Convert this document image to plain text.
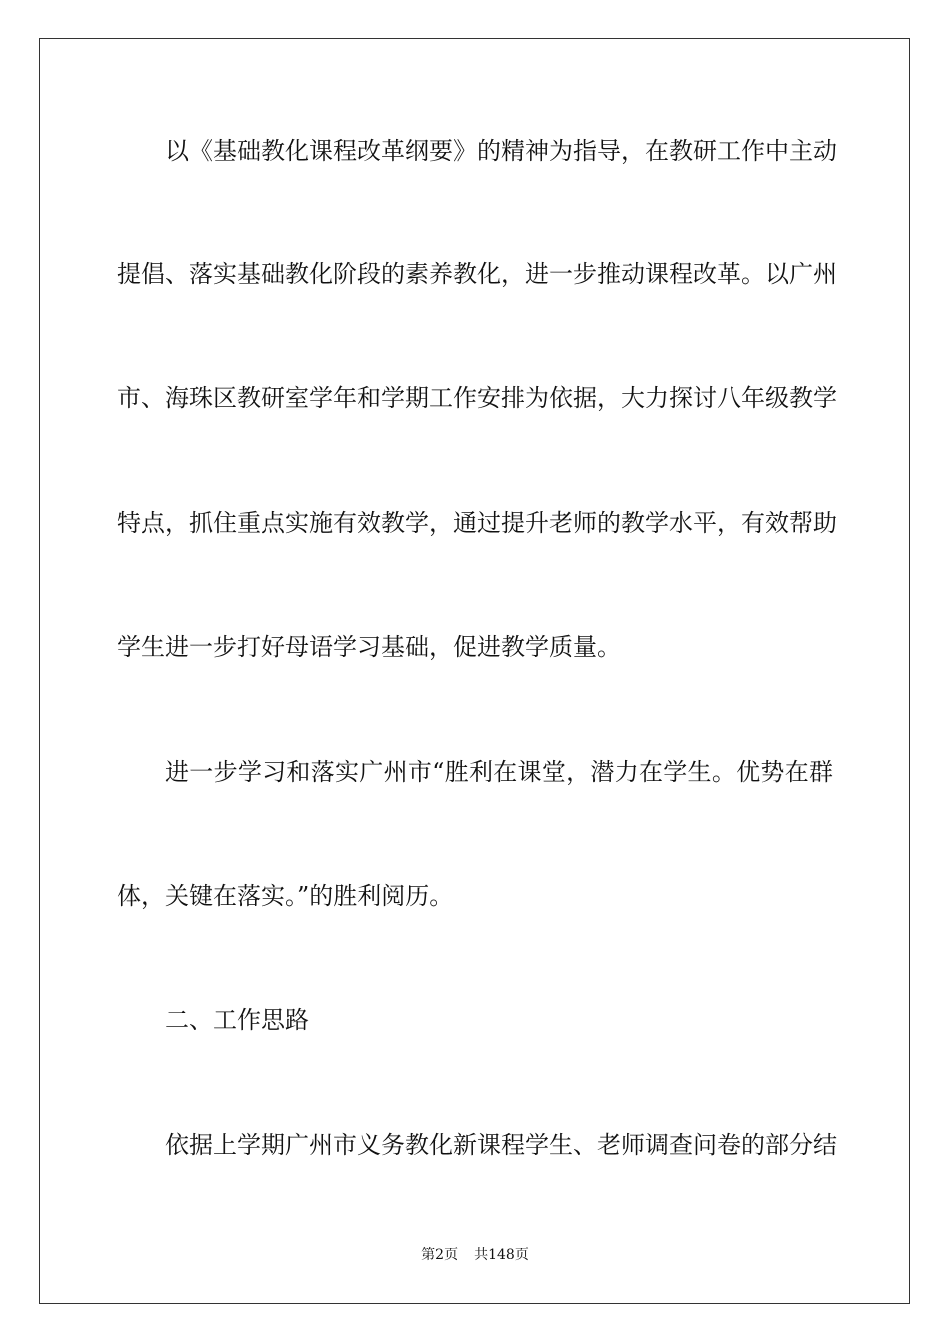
以《基础教化课程改革纲要》的精神为指导，在教研工作中主动
提倡、落实基础教化阶段的素养教化，进一步推动课程改革。以广州
市、海珠区教研室学年和学期工作安排为依据，大力探讨八年级教学
特点，抓住重点实施有效教学，通过提升老师的教学水平，有效帮助
学生进一步打好母语学习基础，促进教学质量。
进一步学习和落实广州市“胜利在课堂，潜力在学生。优势在群
体，关键在落实。”的胜利阅历。
二、工作思路
依据上学期广州市义务教化新课程学生、老师调查问卷的部分结
第2页 共148页
